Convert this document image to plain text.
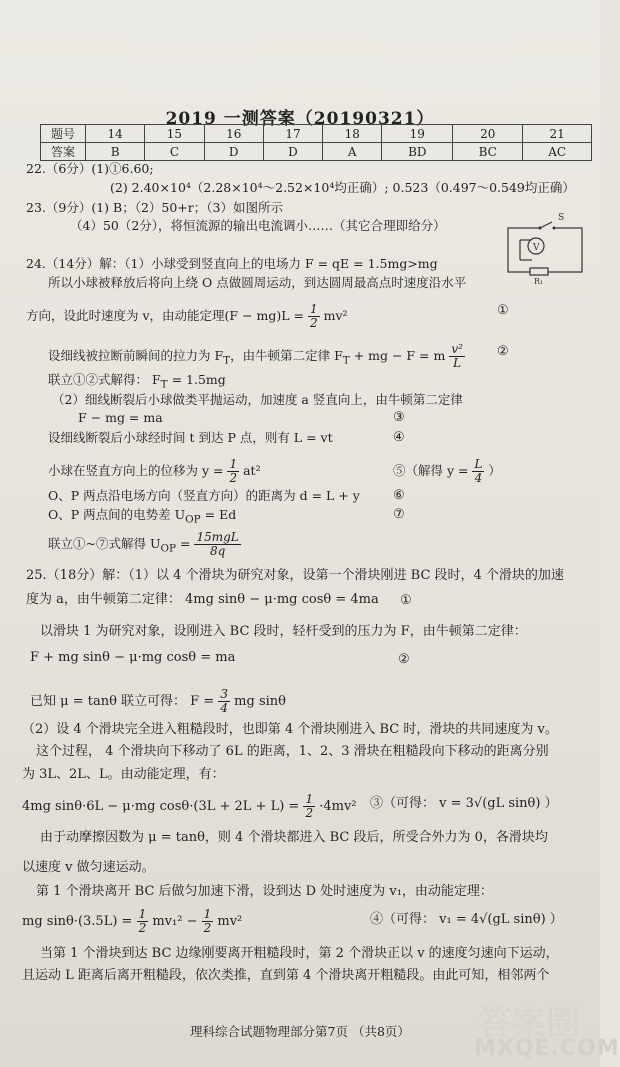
2019 一测答案（20190321）
题号	14	15	16	17	18	19	20	21
答案	B	C	D	D	A	BD	BC	AC
22.（6分）(1)①6.60;
(2) 2.40×10⁴（2.28×10⁴～2.52×10⁴均正确）; 0.523（0.497～0.549均正确）
23.（9分）(1) B；（2）50+r；（3）如图所示
（4）50（2分），将恒流源的输出电流调小……（其它合理即给分）	S
V
R₁
24.（14分）解：（1）小球受到竖直向上的电场力 F = qE = 1.5mg>mg
所以小球被释放后将向上绕 O 点做圆周运动，到达圆周最高点时速度沿水平
方向，设此时速度为 v，由动能定理$(F - mg)L = \frac{1}{2} mv^2$	①
设细线被拉断前瞬间的拉力为 $F_T$，由牛顿第二定律 $F_T$ + mg − F = m $\frac{\text{v²}}{L}$ ②
联立①②式解得： $F_T = 1.5mg$
（2）细线断裂后小球做类平抛运动，加速度 a 竖直向上，由牛顿第二定律
F − mg = ma	③
设细线断裂后小球经时间 t 到达 P 点，则有 L = vt	④
小球在竖直方向上的位移为 $y = \frac{1}{2} at^2$	⑤（解得 $y = \frac{L}{4}$ ）
O、P 两点沿电场方向（竖直方向）的距离为 d = L + y	⑥
O、P 两点间的电势差 $U_{OP} = Ed$	⑦
联立①~⑦式解得 $U_{OP} = \frac{\text{15mgL}}{8q}$
25.（18分）解：（1）以 4 个滑块为研究对象，设第一个滑块刚进 BC 段时，4 个滑块的加速
度为 a，由牛顿第二定律： 4mg sinθ − μ·mg cosθ = 4ma ①
以滑块 1 为研究对象，设刚进入 BC 段时，轻杆受到的压力为 F，由牛顿第二定律：
F + mg sinθ − μ·mg cosθ = ma	②
已知 μ = tanθ 联立可得： $F = \frac{3}{4}$ mg sinθ
（2）设 4 个滑块完全进入粗糙段时，也即第 4 个滑块刚进入 BC 时，滑块的共同速度为 v。
这个过程， 4 个滑块向下移动了 6L 的距离，1、2、3 滑块在粗糙段向下移动的距离分别
为 3L、2L、L。由动能定理，有：
4mg sinθ·6L − μ·mg $\cos\theta\cdot(3L + 2L + L) = \frac{1}{2} \cdot 4mv^2$ ③（可得： v = 3√(gL sinθ) ）
由于动摩擦因数为 μ = tanθ，则 4 个滑块都进入 BC 段后，所受合外力为 0，各滑块均
以速度 v 做匀速运动。
第 1 个滑块离开 BC 后做匀加速下滑，设到达 D 处时速度为 v₁，由动能定理：
mg $\sin\theta\cdot(3.5L) = \frac{1}{2} mv_1^2 - \frac{1}{2} mv^2$	④（可得： v₁ = 4√(gL sinθ) ）
当第 1 个滑块到达 BC 边缘刚要离开粗糙段时，第 2 个滑块正以 v 的速度匀速向下运动，
且运动 L 距离后离开粗糙段，依次类推，直到第 4 个滑块离开粗糙段。由此可知，相邻两个
理科综合试题物理部分第7页 （共8页）	答案圈
MXQE.COM
